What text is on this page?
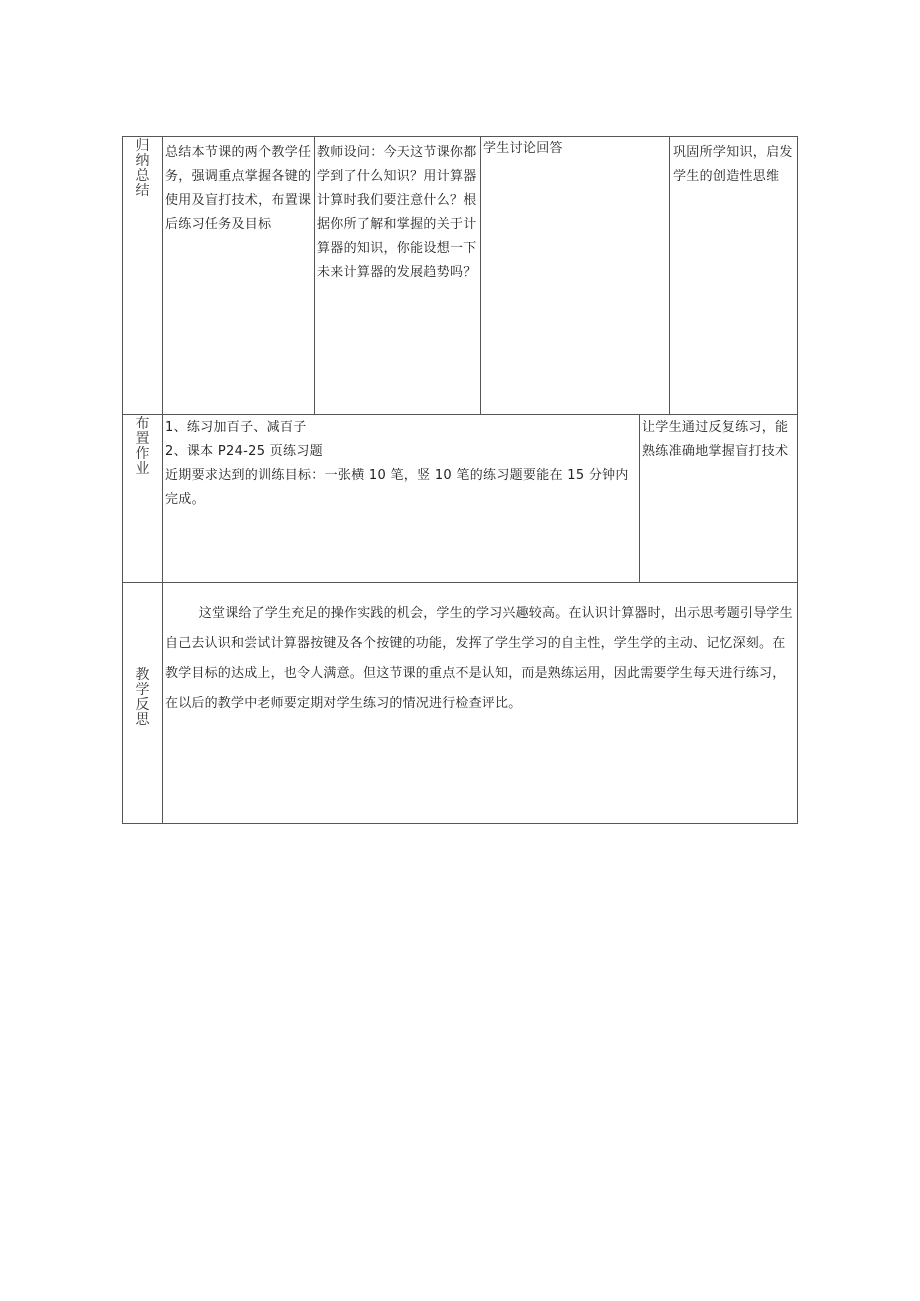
归
纳
总
结
总结本节课的两个教学任务，强调重点掌握各键的使用及盲打技术，布置课后练习任务及目标
教师设问：今天这节课你都学到了什么知识？用计算器计算时我们要注意什么？根据你所了解和掌握的关于计算器的知识，你能设想一下未来计算器的发展趋势吗？
学生讨论回答	巩固所学知识，启发学生的创造性思维
布
置
作
业
1、练习加百子、减百子
2、课本 P24-25 页练习题
近期要求达到的训练目标：一张横 10 笔，竖 10 笔的练习题要能在 15 分钟内完成。
让学生通过反复练习，能熟练准确地掌握盲打技术
教
学
反
思
这堂课给了学生充足的操作实践的机会，学生的学习兴趣较高。在认识计算器时，出示思考题引导学生自己去认识和尝试计算器按键及各个按键的功能，发挥了学生学习的自主性，学生学的主动、记忆深刻。在教学目标的达成上，也令人满意。但这节课的重点不是认知，而是熟练运用，因此需要学生每天进行练习，在以后的教学中老师要定期对学生练习的情况进行检查评比。
